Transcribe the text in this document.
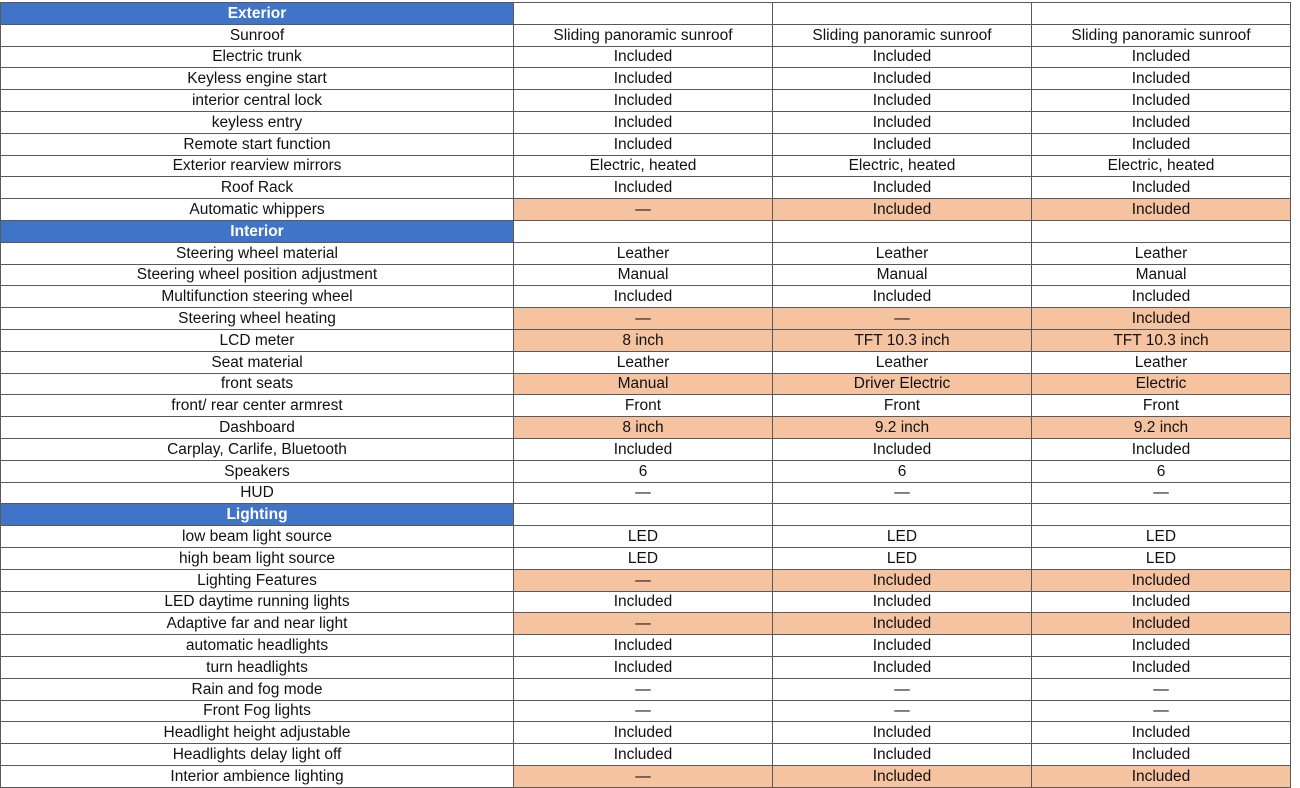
Exterior			
Sunroof	Sliding panoramic sunroof	Sliding panoramic sunroof	Sliding panoramic sunroof
Electric trunk	Included	Included	Included
Keyless engine start	Included	Included	Included
interior central lock	Included	Included	Included
keyless entry	Included	Included	Included
Remote start function	Included	Included	Included
Exterior rearview mirrors	Electric, heated	Electric, heated	Electric, heated
Roof Rack	Included	Included	Included
Automatic whippers	—	Included	Included
Interior			
Steering wheel material	Leather	Leather	Leather
Steering wheel position adjustment	Manual	Manual	Manual
Multifunction steering wheel	Included	Included	Included
Steering wheel heating	—	—	Included
LCD meter	8 inch	TFT 10.3 inch	TFT 10.3 inch
Seat material	Leather	Leather	Leather
front seats	Manual	Driver Electric	Electric
front/ rear center armrest	Front	Front	Front
Dashboard	8 inch	9.2 inch	9.2 inch
Carplay, Carlife, Bluetooth	Included	Included	Included
Speakers	6	6	6
HUD	—	—	—
Lighting			
low beam light source	LED	LED	LED
high beam light source	LED	LED	LED
Lighting Features	—	Included	Included
LED daytime running lights	Included	Included	Included
Adaptive far and near light	—	Included	Included
automatic headlights	Included	Included	Included
turn headlights	Included	Included	Included
Rain and fog mode	—	—	—
Front Fog lights	—	—	—
Headlight height adjustable	Included	Included	Included
Headlights delay light off	Included	Included	Included
Interior ambience lighting	—	Included	Included
